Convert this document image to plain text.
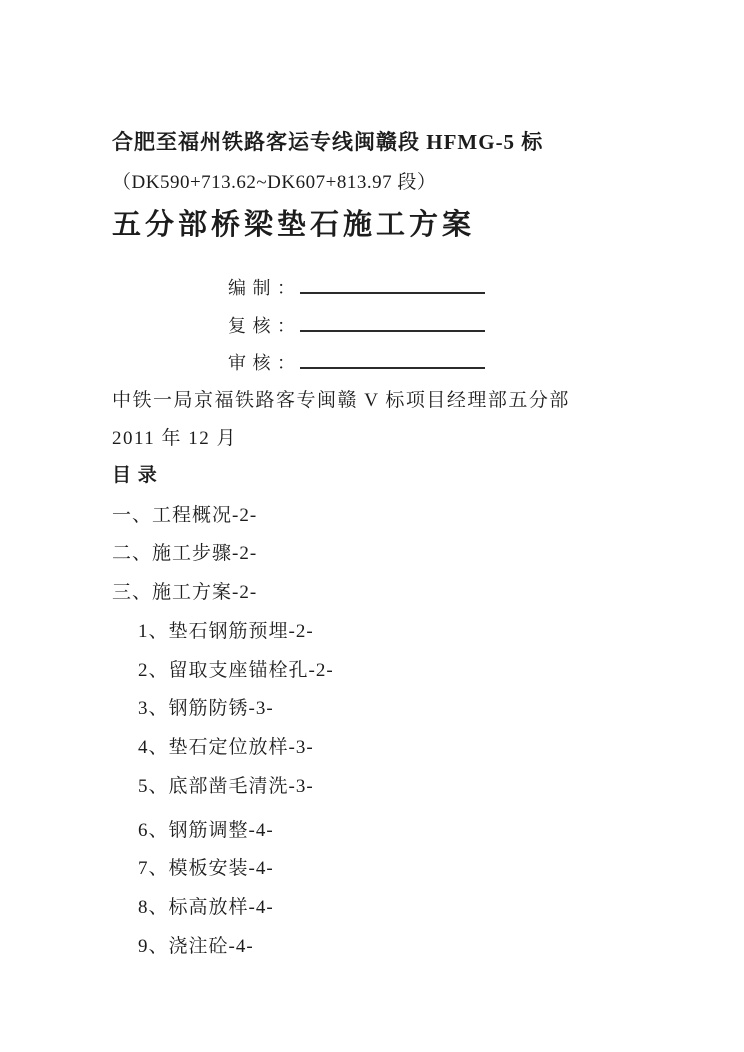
合肥至福州铁路客运专线闽赣段 HFMG-5 标
（DK590+713.62~DK607+813.97 段）
五分部桥梁垫石施工方案
编 制 ：
复 核 ：
审 核 ：
中铁一局京福铁路客专闽赣 V 标项目经理部五分部
2011 年 12 月
目 录
一、工程概况-2-
二、施工步骤-2-
三、施工方案-2-
1、垫石钢筋预埋-2-
2、留取支座锚栓孔-2-
3、钢筋防锈-3-
4、垫石定位放样-3-
5、底部凿毛清洗-3-
6、钢筋调整-4-
7、模板安装-4-
8、标高放样-4-
9、浇注砼-4-
